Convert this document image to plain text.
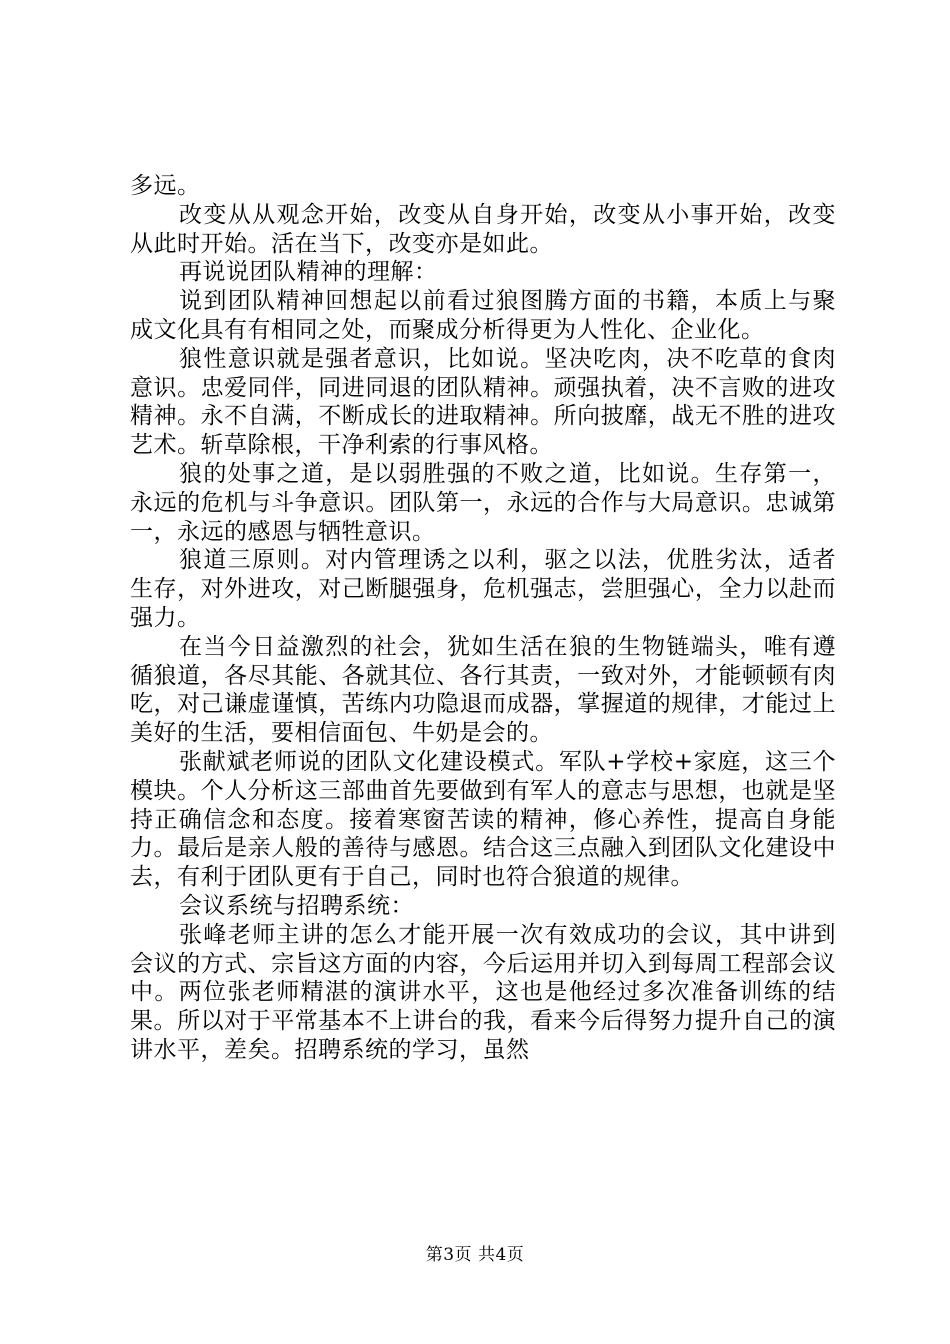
多远。

改变从从观念开始，改变从自身开始，改变从小事开始，改变从此时开始。活在当下，改变亦是如此。

再说说团队精神的理解：

说到团队精神回想起以前看过狼图腾方面的书籍，本质上与聚成文化具有有相同之处，而聚成分析得更为人性化、企业化。

狼性意识就是强者意识，比如说。坚决吃肉，决不吃草的食肉意识。忠爱同伴，同进同退的团队精神。顽强执着，决不言败的进攻精神。永不自满，不断成长的进取精神。所向披靡，战无不胜的进攻艺术。斩草除根，干净利索的行事风格。

狼的处事之道，是以弱胜强的不败之道，比如说。生存第一，永远的危机与斗争意识。团队第一，永远的合作与大局意识。忠诚第一，永远的感恩与牺牲意识。

狼道三原则。对内管理诱之以利，驱之以法，优胜劣汰，适者生存，对外进攻，对己断腿强身，危机强志，尝胆强心，全力以赴而强力。

在当今日益激烈的社会，犹如生活在狼的生物链端头，唯有遵循狼道，各尽其能、各就其位、各行其责，一致对外，才能顿顿有肉吃，对己谦虚谨慎，苦练内功隐退而成器，掌握道的规律，才能过上美好的生活，要相信面包、牛奶是会的。

张献斌老师说的团队文化建设模式。军队+学校+家庭，这三个模块。个人分析这三部曲首先要做到有军人的意志与思想，也就是坚持正确信念和态度。接着寒窗苦读的精神，修心养性，提高自身能力。最后是亲人般的善待与感恩。结合这三点融入到团队文化建设中去，有利于团队更有于自己，同时也符合狼道的规律。

会议系统与招聘系统：

张峰老师主讲的怎么才能开展一次有效成功的会议，其中讲到会议的方式、宗旨这方面的内容，今后运用并切入到每周工程部会议中。两位张老师精湛的演讲水平，这也是他经过多次准备训练的结果。所以对于平常基本不上讲台的我，看来今后得努力提升自己的演讲水平，差矣。招聘系统的学习，虽然

第3页 共4页
